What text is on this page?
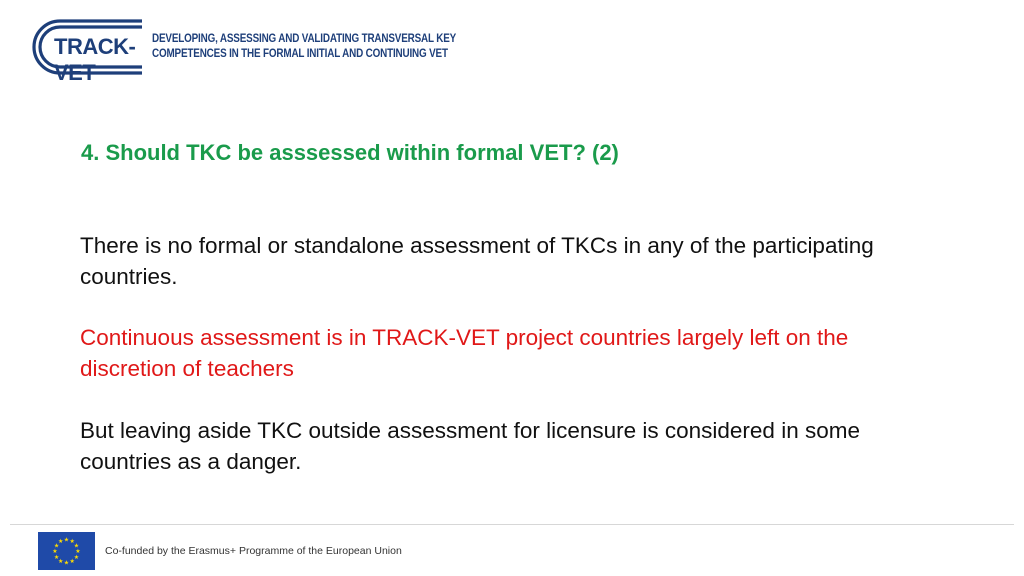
TRACK-VET
DEVELOPING, ASSESSING AND VALIDATING TRANSVERSAL KEY
COMPETENCES IN THE FORMAL INITIAL AND CONTINUING VET
4. Should TKC be asssessed within formal VET? (2)
There is no formal or standalone assessment of TKCs in any of the participating countries.
Continuous assessment is in TRACK-VET project countries largely left on the discretion of teachers
But leaving aside TKC outside assessment for licensure is considered in some countries as a danger.
★ ★
★
★
★
★
★
★
★
★
★
★
Co-funded by the Erasmus+ Programme of the European Union
